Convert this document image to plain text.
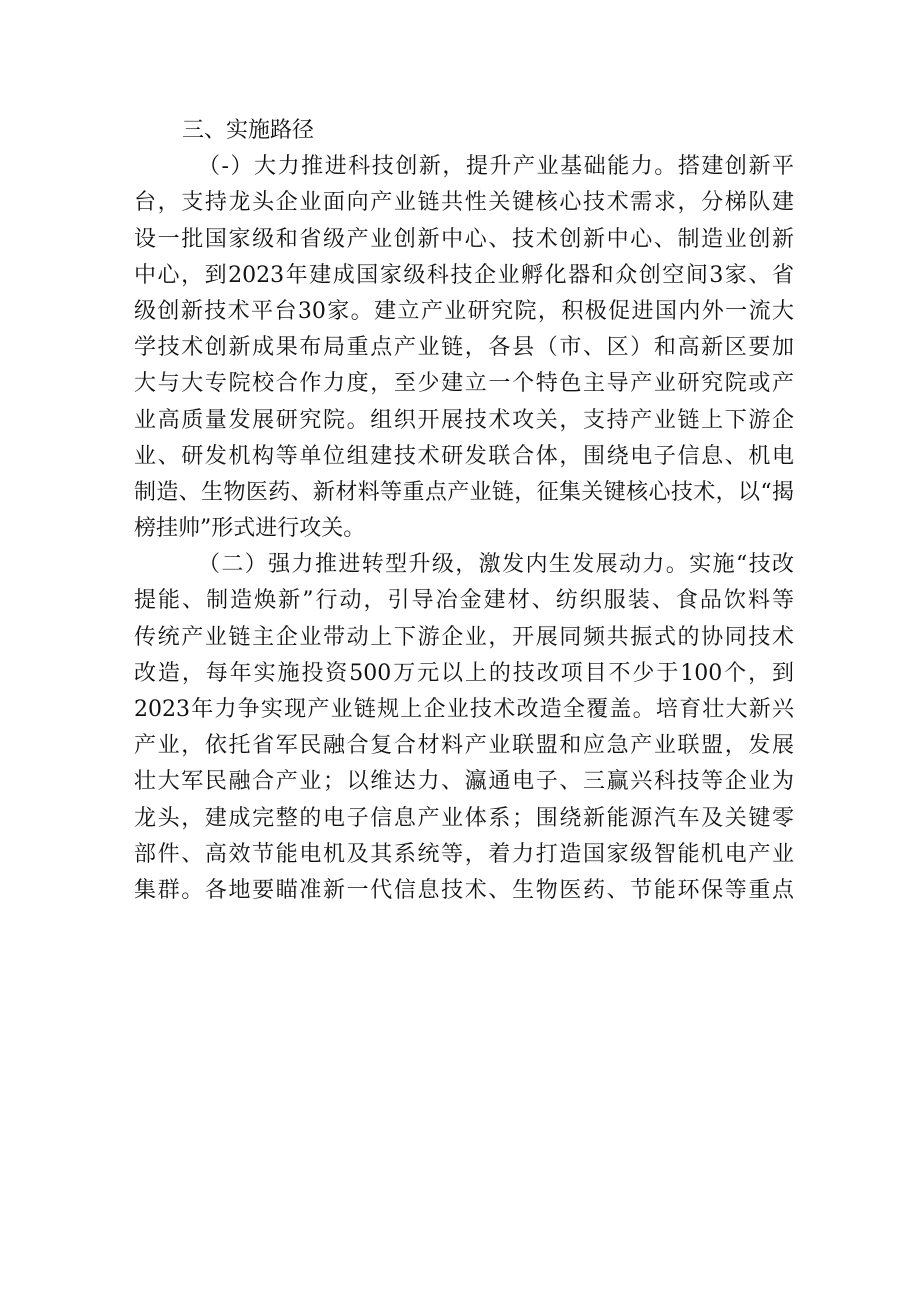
三、实施路径
（-）大力推进科技创新，提升产业基础能力。搭建创新平
台，支持龙头企业面向产业链共性关键核心技术需求，分梯队建
设一批国家级和省级产业创新中心、技术创新中心、制造业创新
中心，到2023年建成国家级科技企业孵化器和众创空间3家、省
级创新技术平台30家。建立产业研究院，积极促进国内外一流大
学技术创新成果布局重点产业链，各县（市、区）和高新区要加
大与大专院校合作力度，至少建立一个特色主导产业研究院或产
业高质量发展研究院。组织开展技术攻关，支持产业链上下游企
业、研发机构等单位组建技术研发联合体，围绕电子信息、机电
制造、生物医药、新材料等重点产业链，征集关键核心技术，以“揭
榜挂帅”形式进行攻关。
（二）强力推进转型升级，激发内生发展动力。实施“技改
提能、制造焕新”行动，引导冶金建材、纺织服装、食品饮料等
传统产业链主企业带动上下游企业，开展同频共振式的协同技术
改造，每年实施投资500万元以上的技改项目不少于100个，到
2023年力争实现产业链规上企业技术改造全覆盖。培育壮大新兴
产业，依托省军民融合复合材料产业联盟和应急产业联盟，发展
壮大军民融合产业；以维达力、瀛通电子、三赢兴科技等企业为
龙头，建成完整的电子信息产业体系；围绕新能源汽车及关键零
部件、高效节能电机及其系统等，着力打造国家级智能机电产业
集群。各地要瞄准新一代信息技术、生物医药、节能环保等重点
